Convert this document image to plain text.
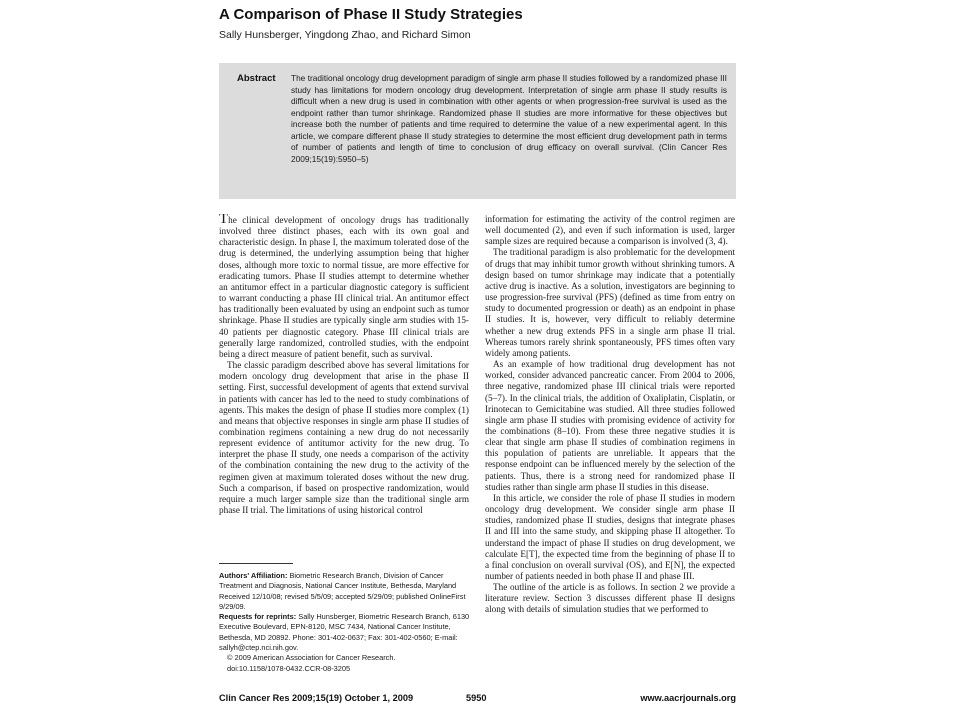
A Comparison of Phase II Study Strategies
Sally Hunsberger, Yingdong Zhao, and Richard Simon
Abstract The traditional oncology drug development paradigm of single arm phase II studies followed by a randomized phase III study has limitations for modern oncology drug development. Interpretation of single arm phase II study results is difficult when a new drug is used in combination with other agents or when progression-free survival is used as the endpoint rather than tumor shrinkage. Randomized phase II studies are more informative for these objectives but increase both the number of patients and time required to determine the value of a new experimental agent. In this article, we compare different phase II study strategies to determine the most efficient drug development path in terms of number of patients and length of time to conclusion of drug efficacy on overall survival. (Clin Cancer Res 2009;15(19):5950–5)

The clinical development of oncology drugs has traditionally involved three distinct phases, each with its own goal and characteristic design. In phase I, the maximum tolerated dose of the drug is determined, the underlying assumption being that higher doses, although more toxic to normal tissue, are more effective for eradicating tumors. Phase II studies attempt to determine whether an antitumor effect in a particular diagnostic category is sufficient to warrant conducting a phase III clinical trial. An antitumor effect has traditionally been evaluated by using an endpoint such as tumor shrinkage. Phase II studies are typically single arm studies with 15-40 patients per diagnostic category. Phase III clinical trials are generally large randomized, controlled studies, with the endpoint being a direct measure of patient benefit, such as survival.

The classic paradigm described above has several limitations for modern oncology drug development that arise in the phase II setting. First, successful development of agents that extend survival in patients with cancer has led to the need to study combinations of agents. This makes the design of phase II studies more complex (1) and means that objective responses in single arm phase II studies of combination regimens containing a new drug do not necessarily represent evidence of antitumor activity for the new drug. To interpret the phase II study, one needs a comparison of the activity of the combination containing the new drug to the activity of the regimen given at maximum tolerated doses without the new drug. Such a comparison, if based on prospective randomization, would require a much larger sample size than the traditional single arm phase II trial. The limitations of using historical control

information for estimating the activity of the control regimen are well documented (2), and even if such information is used, larger sample sizes are required because a comparison is involved (3, 4).

The traditional paradigm is also problematic for the development of drugs that may inhibit tumor growth without shrinking tumors. A design based on tumor shrinkage may indicate that a potentially active drug is inactive. As a solution, investigators are beginning to use progression-free survival (PFS) (defined as time from entry on study to documented progression or death) as an endpoint in phase II studies. It is, however, very difficult to reliably determine whether a new drug extends PFS in a single arm phase II trial. Whereas tumors rarely shrink spontaneously, PFS times often vary widely among patients.

As an example of how traditional drug development has not worked, consider advanced pancreatic cancer. From 2004 to 2006, three negative, randomized phase III clinical trials were reported (5–7). In the clinical trials, the addition of Oxaliplatin, Cisplatin, or Irinotecan to Gemicitabine was studied. All three studies followed single arm phase II studies with promising evidence of activity for the combinations (8–10). From these three negative studies it is clear that single arm phase II studies of combination regimens in this population of patients are unreliable. It appears that the response endpoint can be influenced merely by the selection of the patients. Thus, there is a strong need for randomized phase II studies rather than single arm phase II studies in this disease.

In this article, we consider the role of phase II studies in modern oncology drug development. We consider single arm phase II studies, randomized phase II studies, designs that integrate phases II and III into the same study, and skipping phase II altogether. To understand the impact of phase II studies on drug development, we calculate E[T], the expected time from the beginning of phase II to a final conclusion on overall survival (OS), and E[N], the expected number of patients needed in both phase II and phase III.

The outline of the article is as follows. In section 2 we provide a literature review. Section 3 discusses different phase II designs along with details of simulation studies that we performed to

Authors' Affiliation: Biometric Research Branch, Division of Cancer Treatment and Diagnosis, National Cancer Institute, Bethesda, Maryland

Received 12/10/08; revised 5/5/09; accepted 5/29/09; published OnlineFirst 9/29/09.

Requests for reprints: Sally Hunsberger, Biometric Research Branch, 6130 Executive Boulevard, EPN-8120, MSC 7434, National Cancer Institute, Bethesda, MD 20892. Phone: 301-402-0637; Fax: 301-402-0560; E-mail: sallyh@ctep.nci.nih.gov.

© 2009 American Association for Cancer Research.

doi:10.1158/1078-0432.CCR-08-3205

Clin Cancer Res 2009;15(19) October 1, 2009	5950	www.aacrjournals.org
